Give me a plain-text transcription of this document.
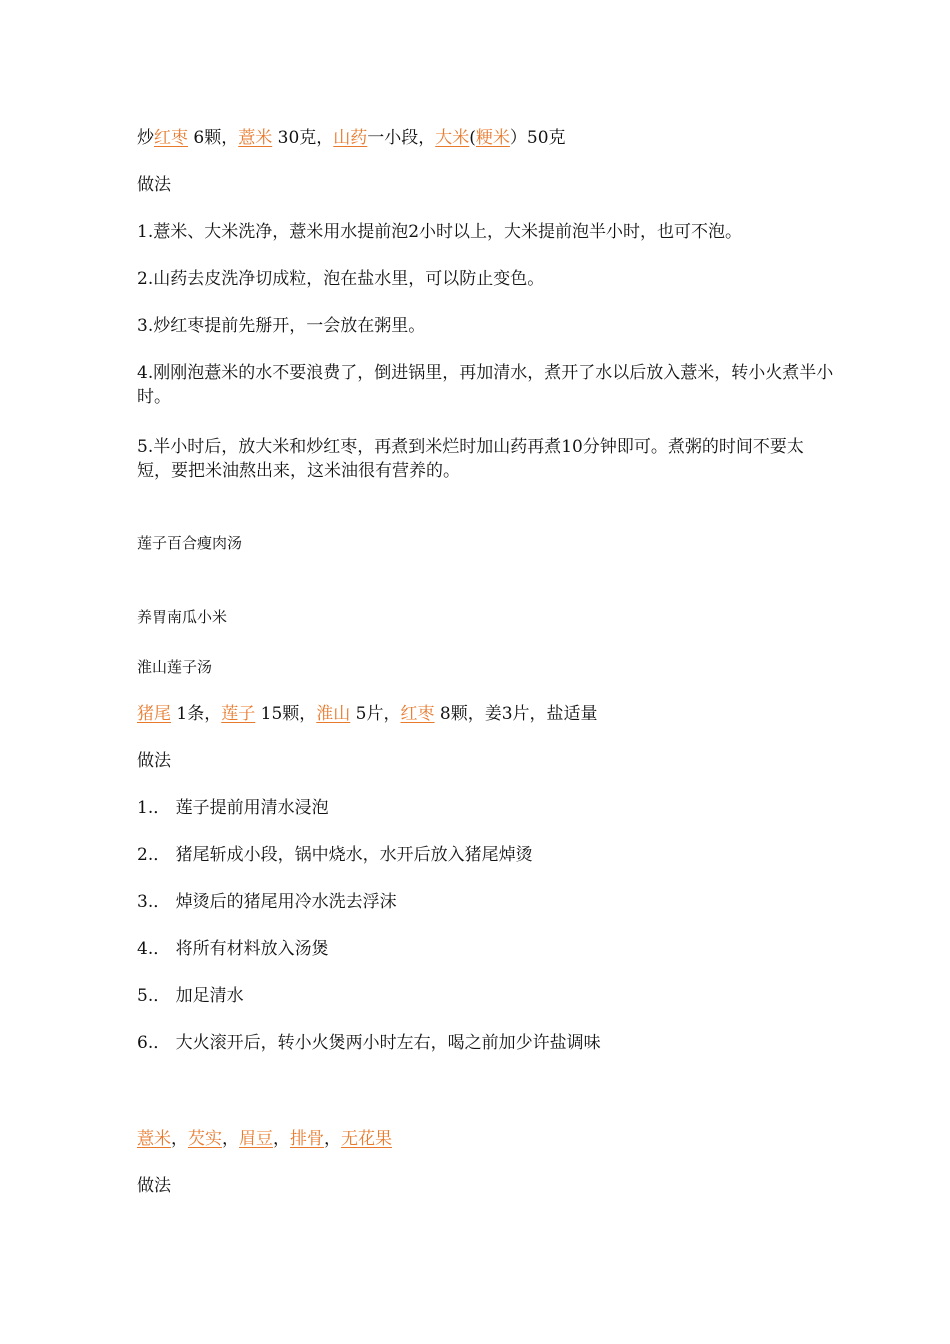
炒红枣 6颗，薏米 30克，山药一小段，大米(粳米）50克
做法
1.薏米、大米洗净，薏米用水提前泡2小时以上，大米提前泡半小时，也可不泡。
2.山药去皮洗净切成粒，泡在盐水里，可以防止变色。
3.炒红枣提前先掰开，一会放在粥里。
4.刚刚泡薏米的水不要浪费了，倒进锅里，再加清水，煮开了水以后放入薏米，转小火煮半小时。
5.半小时后，放大米和炒红枣，再煮到米烂时加山药再煮10分钟即可。煮粥的时间不要太短，要把米油熬出来，这米油很有营养的。
莲子百合瘦肉汤
养胃南瓜小米
淮山莲子汤
猪尾 1条，莲子 15颗，淮山 5片，红枣 8颗，姜3片，盐适量
做法
1.． 莲子提前用清水浸泡
2.． 猪尾斩成小段，锅中烧水，水开后放入猪尾焯烫
3.． 焯烫后的猪尾用冷水洗去浮沫
4.． 将所有材料放入汤煲
5.． 加足清水
6.． 大火滚开后，转小火煲两小时左右，喝之前加少许盐调味
薏米，芡实，眉豆，排骨，无花果
做法
